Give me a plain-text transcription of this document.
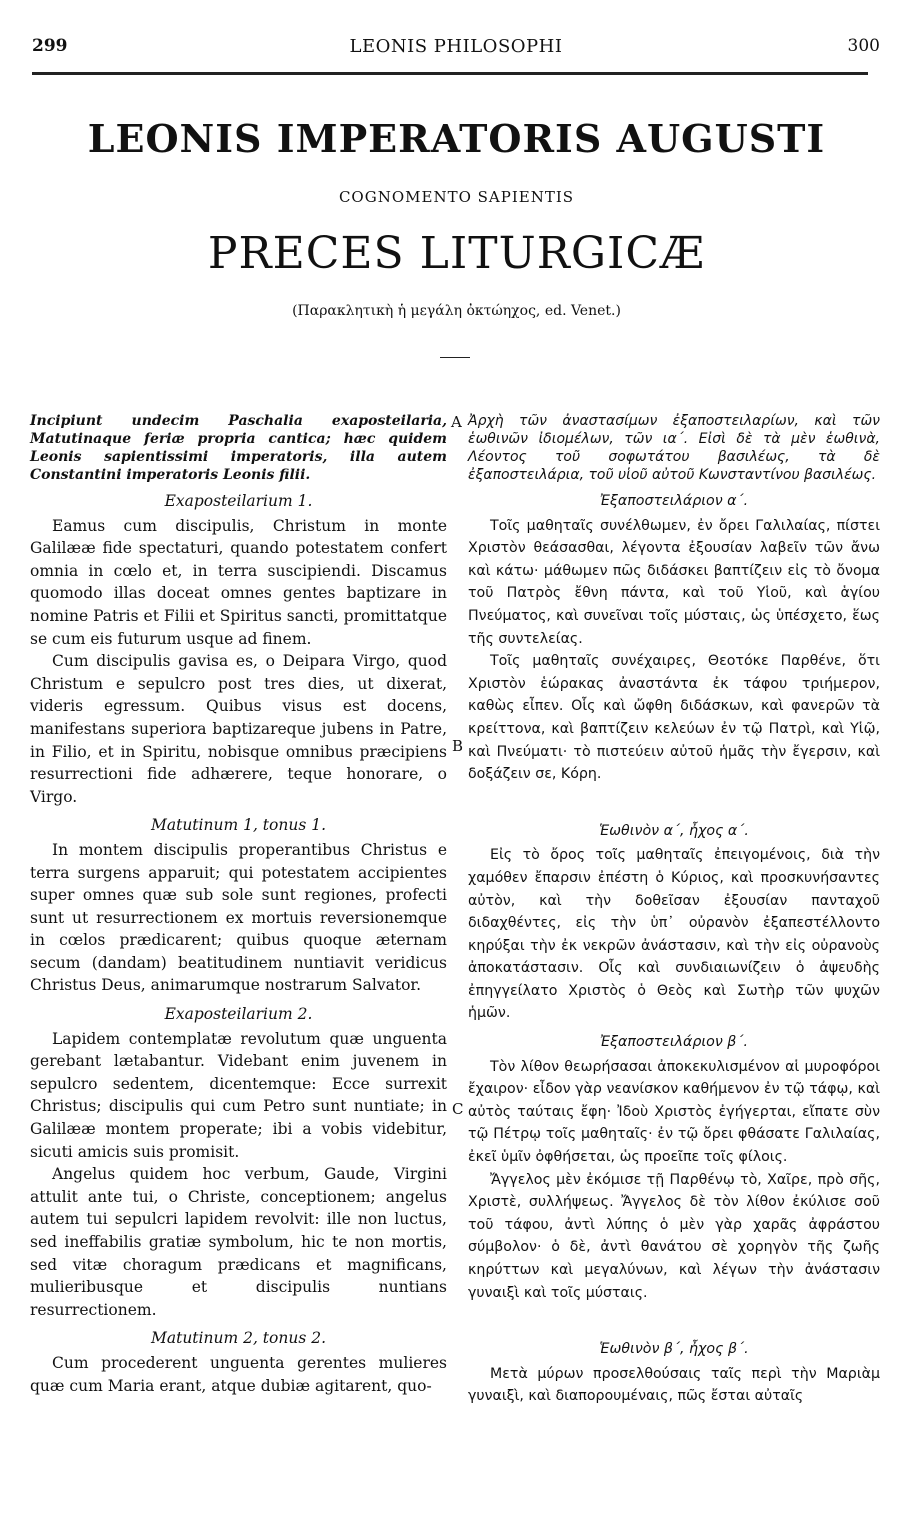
299	LEONIS PHILOSOPHI	300
LEONIS IMPERATORIS AUGUSTI
COGNOMENTO SAPIENTIS
PRECES LITURGICÆ
(Παρακλητικὴ ἡ μεγάλη ὀκτώηχος, ed. Venet.)
A
B
C

Incipiunt undecim Paschalia exaposteilaria, Matutinaque feriæ propria cantica; hæc quidem Leonis sapientissimi imperatoris, illa autem Constantini imperatoris Leonis filii.

Exaposteilarium 1.

Eamus cum discipulis, Christum in monte Galilææ fide spectaturi, quando potestatem confert omnia in cœlo et, in terra suscipiendi. Discamus quomodo illas doceat omnes gentes baptizare in nomine Patris et Filii et Spiritus sancti, promittatque se cum eis futurum usque ad finem.

Cum discipulis gavisa es, o Deipara Virgo, quod Christum e sepulcro post tres dies, ut dixerat, videris egressum. Quibus visus est docens, manifestans superiora baptizareque jubens in Patre, in Filio, et in Spiritu, nobisque omnibus præcipiens resurrectioni fide adhærere, teque honorare, o Virgo.

Matutinum 1, tonus 1.

In montem discipulis properantibus Christus e terra surgens apparuit; qui potestatem accipientes super omnes quæ sub sole sunt regiones, profecti sunt ut resurrectionem ex mortuis reversionemque in cœlos prædicarent; quibus quoque æternam secum (dandam) beatitudinem nuntiavit veridicus Christus Deus, animarumque nostrarum Salvator.

Exaposteilarium 2.

Lapidem contemplatæ revolutum quæ unguenta gerebant lætabantur. Videbant enim juvenem in sepulcro sedentem, dicentemque: Ecce surrexit Christus; discipulis qui cum Petro sunt nuntiate; in Galilææ montem properate; ibi a vobis videbitur, sicuti amicis suis promisit.

Angelus quidem hoc verbum, Gaude, Virgini attulit ante tui, o Christe, conceptionem; angelus autem tui sepulcri lapidem revolvit: ille non luctus, sed ineffabilis gratiæ symbolum, hic te non mortis, sed vitæ choragum prædicans et magnificans, mulieribusque et discipulis nuntians resurrectionem.

Matutinum 2, tonus 2.

Cum procederent unguenta gerentes mulieres quæ cum Maria erant, atque dubiæ agitarent, quo-

Ἀρχὴ τῶν ἀναστασίμων ἐξαποστειλαρίων, καὶ τῶν ἑωθινῶν ἰδιομέλων, τῶν ια΄. Εἰσὶ δὲ τὰ μὲν ἑωθινὰ, Λέοντος τοῦ σοφωτάτου βασιλέως, τὰ δὲ ἐξαποστειλάρια, τοῦ υἱοῦ αὐτοῦ Κωνσταντίνου βασιλέως.

Ἐξαποστειλάριον α΄.

Τοῖς μαθηταῖς συνέλθωμεν, ἐν ὄρει Γαλιλαίας, πίστει Χριστὸν θεάσασθαι, λέγοντα ἐξουσίαν λαβεῖν τῶν ἄνω καὶ κάτω· μάθωμεν πῶς διδάσκει βαπτίζειν εἰς τὸ ὄνομα τοῦ Πατρὸς ἔθνη πάντα, καὶ τοῦ Υἱοῦ, καὶ ἁγίου Πνεύματος, καὶ συνεῖναι τοῖς μύσταις, ὡς ὑπέσχετο, ἕως τῆς συντελείας.

Τοῖς μαθηταῖς συνέχαιρες, Θεοτόκε Παρθένε, ὅτι Χριστὸν ἑώρακας ἀναστάντα ἐκ τάφου τριήμερον, καθὼς εἶπεν. Οἷς καὶ ὤφθη διδάσκων, καὶ φανερῶν τὰ κρείττονα, καὶ βαπτίζειν κελεύων ἐν τῷ Πατρὶ, καὶ Υἱῷ, καὶ Πνεύματι· τὸ πιστεύειν αὐτοῦ ἡμᾶς τὴν ἔγερσιν, καὶ δοξάζειν σε, Κόρη.

Ἑωθινὸν α΄, ἦχος α΄.

Εἰς τὸ ὄρος τοῖς μαθηταῖς ἐπειγομένοις, διὰ τὴν χαμόθεν ἔπαρσιν ἐπέστη ὁ Κύριος, καὶ προσκυνήσαντες αὐτὸν, καὶ τὴν δοθεῖσαν ἐξουσίαν πανταχοῦ διδαχθέντες, εἰς τὴν ὑπ᾿ οὐρανὸν ἐξαπεστέλλοντο κηρύξαι τὴν ἐκ νεκρῶν ἀνάστασιν, καὶ τὴν εἰς οὐρανοὺς ἀποκατάστασιν. Οἷς καὶ συνδιαιωνίζειν ὁ ἀψευδὴς ἐπηγγείλατο Χριστὸς ὁ Θεὸς καὶ Σωτὴρ τῶν ψυχῶν ἡμῶν.

Ἐξαποστειλάριον β΄.

Τὸν λίθον θεωρήσασαι ἀποκεκυλισμένον αἱ μυροφόροι ἔχαιρον· εἶδον γὰρ νεανίσκον καθήμενον ἐν τῷ τάφῳ, καὶ αὐτὸς ταύταις ἔφη· Ἰδοὺ Χριστὸς ἐγήγερται, εἴπατε σὺν τῷ Πέτρῳ τοῖς μαθηταῖς· ἐν τῷ ὄρει φθάσατε Γαλιλαίας, ἐκεῖ ὑμῖν ὀφθήσεται, ὡς προεῖπε τοῖς φίλοις.

Ἄγγελος μὲν ἐκόμισε τῇ Παρθένῳ τὸ, Χαῖρε, πρὸ σῆς, Χριστὲ, συλλήψεως. Ἄγγελος δὲ τὸν λίθον ἐκύλισε σοῦ τοῦ τάφου, ἀντὶ λύπης ὁ μὲν γὰρ χαρᾶς ἀφράστου σύμβολον· ὁ δὲ, ἀντὶ θανάτου σὲ χορηγὸν τῆς ζωῆς κηρύττων καὶ μεγαλύνων, καὶ λέγων τὴν ἀνάστασιν γυναιξὶ καὶ τοῖς μύσταις.

Ἑωθινὸν β΄, ἦχος β΄.

Μετὰ μύρων προσελθούσαις ταῖς περὶ τὴν Μαριὰμ γυναιξὶ, καὶ διαπορουμέναις, πῶς ἔσται αὐταῖς
